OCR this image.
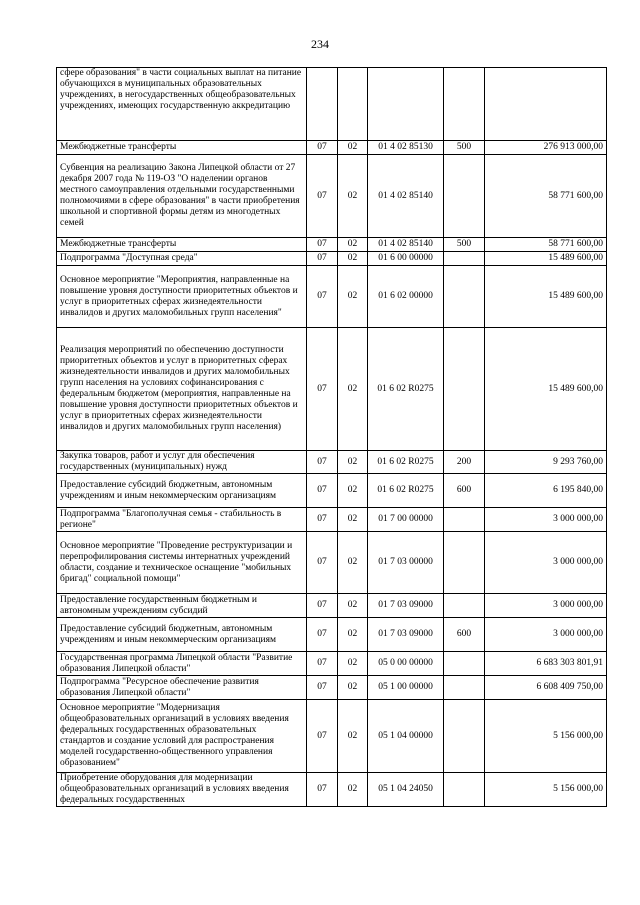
234
сфере образования" в части социальных выплат на питание обучающихся в муниципальных образовательных учреждениях, в негосударственных общеобразовательных учреждениях, имеющих государственную аккредитацию					
Межбюджетные трансферты	07	02	01 4 02 85130	500	276 913 000,00
Субвенция на реализацию Закона Липецкой области от 27 декабря 2007 года № 119-ОЗ "О наделении органов местного самоуправления отдельными государственными полномочиями в сфере образования" в части приобретения школьной и спортивной формы детям из многодетных семей	07	02	01 4 02 85140		58 771 600,00
Межбюджетные трансферты	07	02	01 4 02 85140	500	58 771 600,00
Подпрограмма "Доступная среда"	07	02	01 6 00 00000		15 489 600,00
Основное мероприятие "Мероприятия, направленные на повышение уровня доступности приоритетных объектов и услуг в приоритетных сферах жизнедеятельности инвалидов и других маломобильных групп населения"	07	02	01 6 02 00000		15 489 600,00
Реализация мероприятий по обеспечению доступности приоритетных объектов и услуг в приоритетных сферах жизнедеятельности инвалидов и других маломобильных групп населения на условиях софинансирования с федеральным бюджетом (мероприятия, направленные на повышение уровня доступности приоритетных объектов и услуг в приоритетных сферах жизнедеятельности инвалидов и других маломобильных групп населения)	07	02	01 6 02 R0275		15 489 600,00
Закупка товаров, работ и услуг для обеспечения государственных (муниципальных) нужд	07	02	01 6 02 R0275	200	9 293 760,00
Предоставление субсидий бюджетным, автономным учреждениям и иным некоммерческим организациям	07	02	01 6 02 R0275	600	6 195 840,00
Подпрограмма "Благополучная семья - стабильность в регионе"	07	02	01 7 00 00000		3 000 000,00
Основное мероприятие "Проведение реструктуризации и перепрофилирования системы интернатных учреждений области, создание и техническое оснащение "мобильных бригад" социальной помощи"	07	02	01 7 03 00000		3 000 000,00
Предоставление государственным бюджетным и автономным учреждениям субсидий	07	02	01 7 03 09000		3 000 000,00
Предоставление субсидий бюджетным, автономным учреждениям и иным некоммерческим организациям	07	02	01 7 03 09000	600	3 000 000,00
Государственная программа Липецкой области "Развитие образования Липецкой области"	07	02	05 0 00 00000		6 683 303 801,91
Подпрограмма "Ресурсное обеспечение развития образования Липецкой области"	07	02	05 1 00 00000		6 608 409 750,00
Основное мероприятие "Модернизация общеобразовательных организаций в условиях введения федеральных государственных образовательных стандартов и создание условий для распространения моделей государственно-общественного управления образованием"	07	02	05 1 04 00000		5 156 000,00
Приобретение оборудования для модернизации общеобразовательных организаций в условиях введения федеральных государственных	07	02	05 1 04 24050		5 156 000,00
